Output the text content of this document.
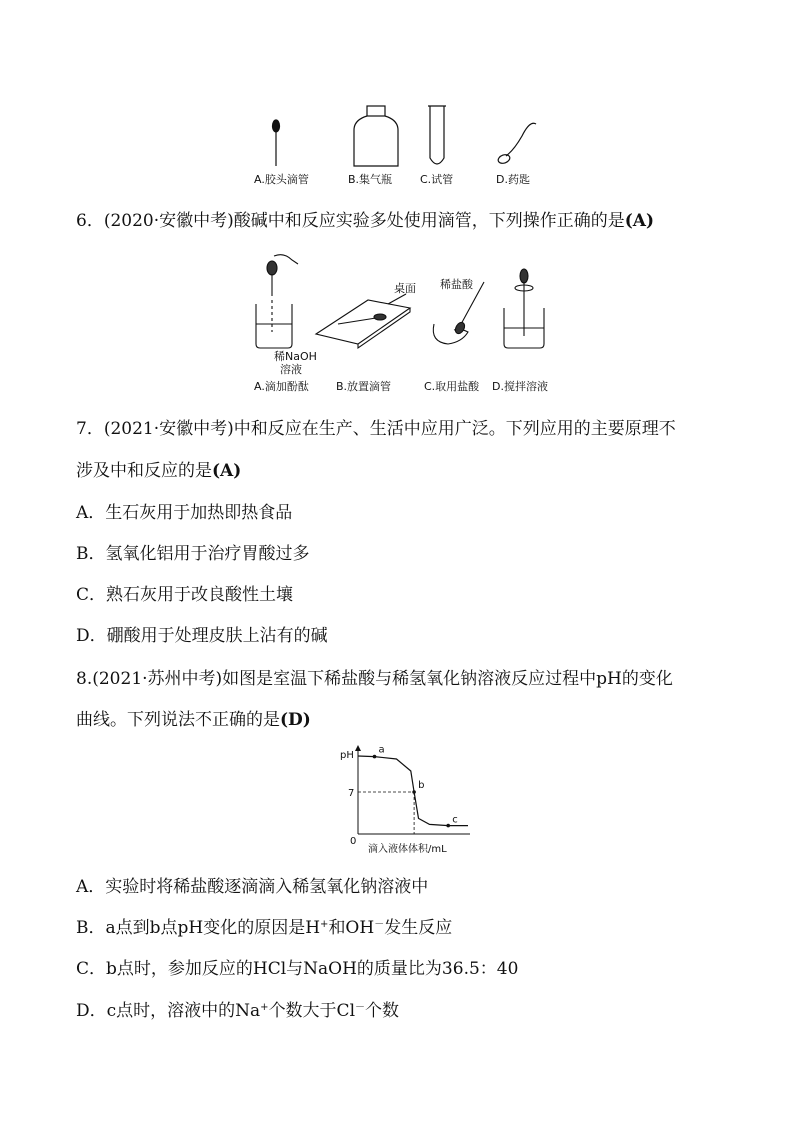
A.胶头滴管	B.集气瓶	C.试管	D.药匙
6．(2020·安徽中考)酸碱中和反应实验多处使用滴管，下列操作正确的是(A)
稀NaOH
溶液
桌面 稀盐酸
A.滴加酚酞 B.放置滴管	C.取用盐酸 D.搅拌溶液
7．(2021·安徽中考)中和反应在生产、生活中应用广泛。下列应用的主要原理不
涉及中和反应的是(A)
A．生石灰用于加热即热食品
B．氢氧化铝用于治疗胃酸过多
C．熟石灰用于改良酸性土壤
D．硼酸用于处理皮肤上沾有的碱
8.(2021·苏州中考)如图是室温下稀盐酸与稀氢氧化钠溶液反应过程中pH的变化
曲线。下列说法不正确的是(D)
pH
滴入液体体积/mL
0
7
a
b
c
A．实验时将稀盐酸逐滴滴入稀氢氧化钠溶液中
B．a点到b点pH变化的原因是H+和OH－发生反应
C．b点时，参加反应的HCl与NaOH的质量比为36.5：40
D．c点时，溶液中的Na+个数大于Cl－个数
